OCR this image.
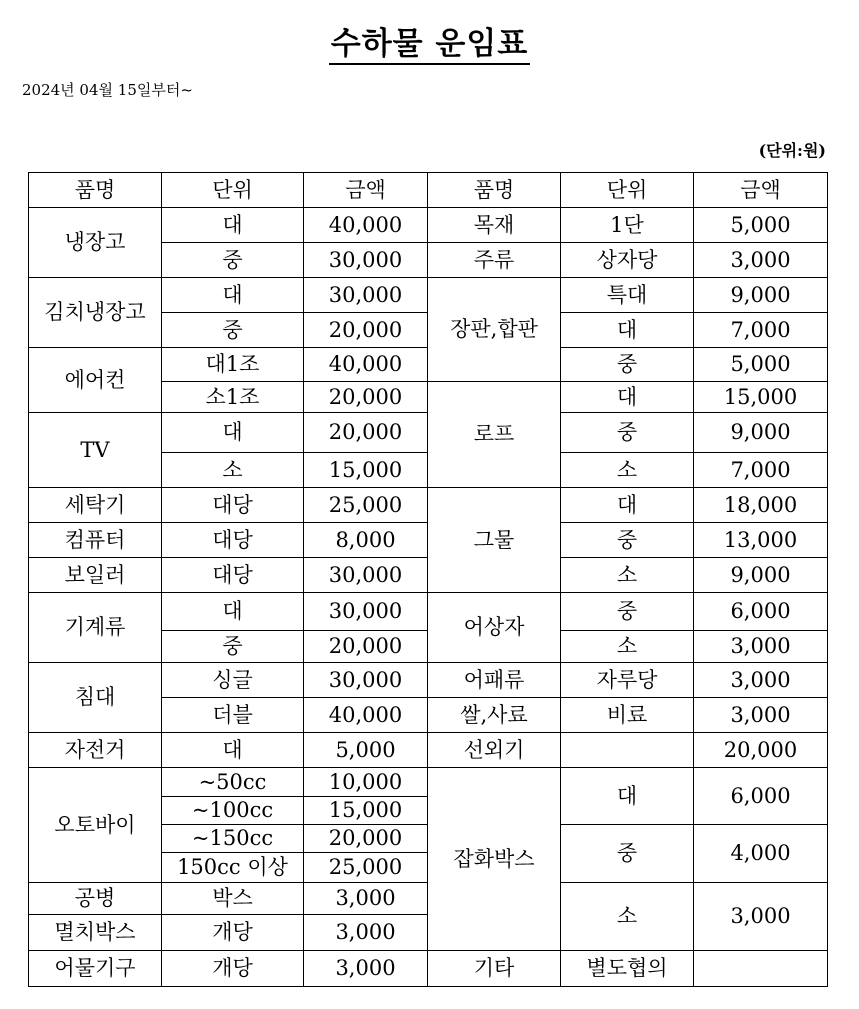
수하물 운임표
2024년 04월 15일부터~
(단위:원)
품명	단위	금액	품명	단위	금액
냉장고	대	40,000	목재	1단	5,000
	중	30,000	주류	상자당	3,000
김치냉장고	대	30,000	장판,합판	특대	9,000
	중	20,000		대	7,000
에어컨	대1조	40,000		중	5,000
	소1조	20,000	로프	대	15,000
TV	대	20,000		중	9,000
	소	15,000		소	7,000
세탁기	대당	25,000	그물	대	18,000
컴퓨터	대당	8,000		중	13,000
보일러	대당	30,000		소	9,000
기계류	대	30,000	어상자	중	6,000
	중	20,000		소	3,000
침대	싱글	30,000	어패류	자루당	3,000
	더블	40,000	쌀,사료	비료	3,000
자전거	대	5,000	선외기		20,000
오토바이	~50cc	10,000	잡화박스	대	6,000
	~100cc	15,000			
	~150cc	20,000		중	4,000
	150cc 이상	25,000			
공병	박스	3,000		소	3,000
멸치박스	개당	3,000			
어물기구	개당	3,000	기타	별도협의	
